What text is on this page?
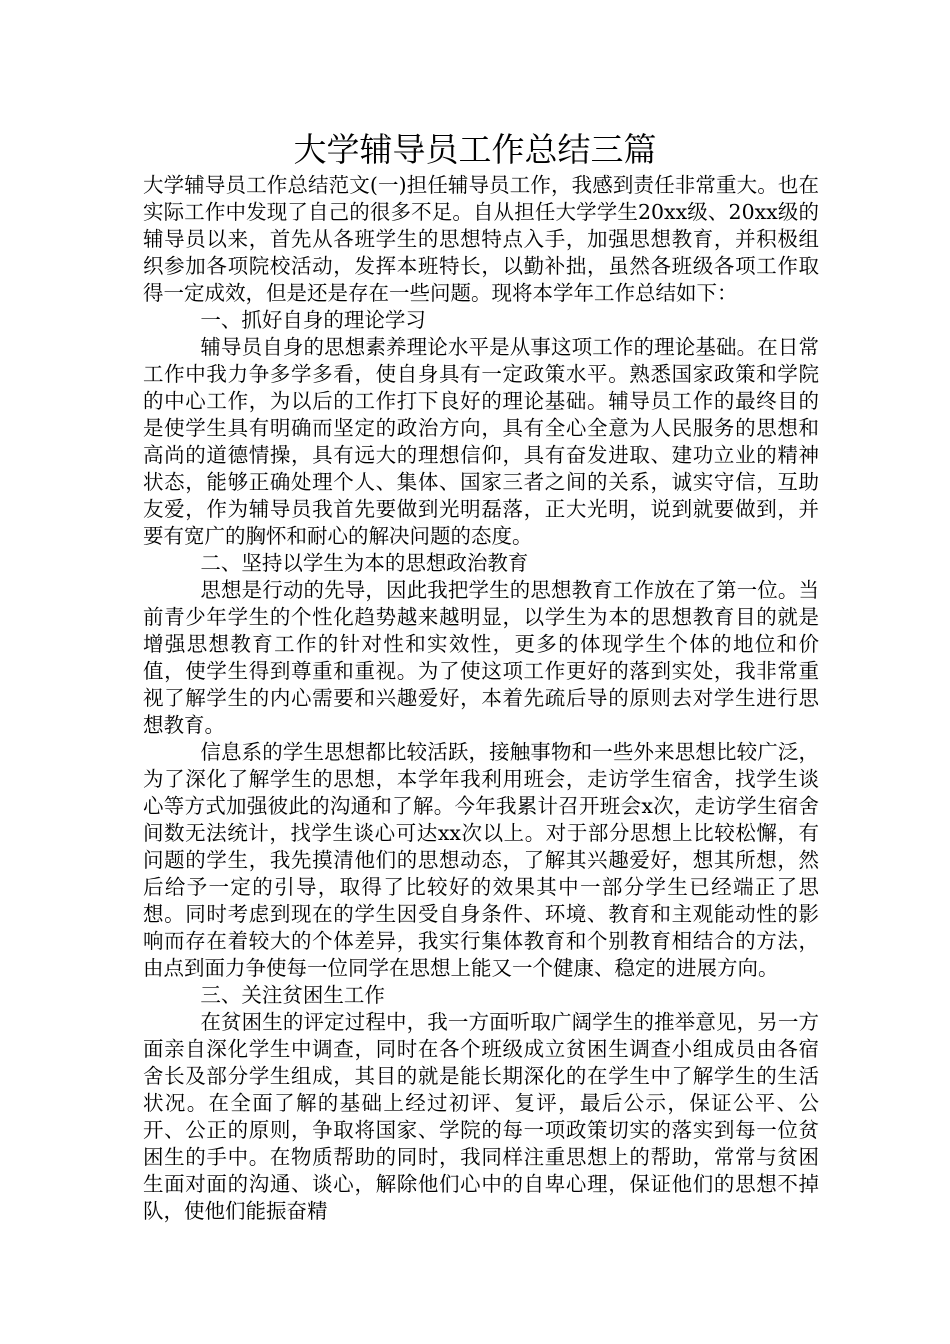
大学辅导员工作总结三篇

大学辅导员工作总结范文(一)担任辅导员工作，我感到责任非常重大。也在实际工作中发现了自己的很多不足。自从担任大学学生20xx级、20xx级的辅导员以来，首先从各班学生的思想特点入手，加强思想教育，并积极组织参加各项院校活动，发挥本班特长，以勤补拙，虽然各班级各项工作取得一定成效，但是还是存在一些问题。现将本学年工作总结如下：

一、抓好自身的理论学习

辅导员自身的思想素养理论水平是从事这项工作的理论基础。在日常工作中我力争多学多看，使自身具有一定政策水平。熟悉国家政策和学院的中心工作，为以后的工作打下良好的理论基础。辅导员工作的最终目的是使学生具有明确而坚定的政治方向，具有全心全意为人民服务的思想和高尚的道德情操，具有远大的理想信仰，具有奋发进取、建功立业的精神状态，能够正确处理个人、集体、国家三者之间的关系，诚实守信，互助友爱，作为辅导员我首先要做到光明磊落，正大光明，说到就要做到，并要有宽广的胸怀和耐心的解决问题的态度。

二、坚持以学生为本的思想政治教育

思想是行动的先导，因此我把学生的思想教育工作放在了第一位。当前青少年学生的个性化趋势越来越明显，以学生为本的思想教育目的就是增强思想教育工作的针对性和实效性，更多的体现学生个体的地位和价值，使学生得到尊重和重视。为了使这项工作更好的落到实处，我非常重视了解学生的内心需要和兴趣爱好，本着先疏后导的原则去对学生进行思想教育。

信息系的学生思想都比较活跃，接触事物和一些外来思想比较广泛，为了深化了解学生的思想，本学年我利用班会，走访学生宿舍，找学生谈心等方式加强彼此的沟通和了解。今年我累计召开班会x次，走访学生宿舍间数无法统计，找学生谈心可达xx次以上。对于部分思想上比较松懈，有问题的学生，我先摸清他们的思想动态，了解其兴趣爱好，想其所想，然后给予一定的引导，取得了比较好的效果其中一部分学生已经端正了思想。同时考虑到现在的学生因受自身条件、环境、教育和主观能动性的影响而存在着较大的个体差异，我实行集体教育和个别教育相结合的方法，由点到面力争使每一位同学在思想上能又一个健康、稳定的进展方向。

三、关注贫困生工作

在贫困生的评定过程中，我一方面听取广阔学生的推举意见，另一方面亲自深化学生中调查，同时在各个班级成立贫困生调查小组成员由各宿舍长及部分学生组成，其目的就是能长期深化的在学生中了解学生的生活状况。在全面了解的基础上经过初评、复评，最后公示，保证公平、公开、公正的原则，争取将国家、学院的每一项政策切实的落实到每一位贫困生的手中。在物质帮助的同时，我同样注重思想上的帮助，常常与贫困生面对面的沟通、谈心，解除他们心中的自卑心理，保证他们的思想不掉队，使他们能振奋精
